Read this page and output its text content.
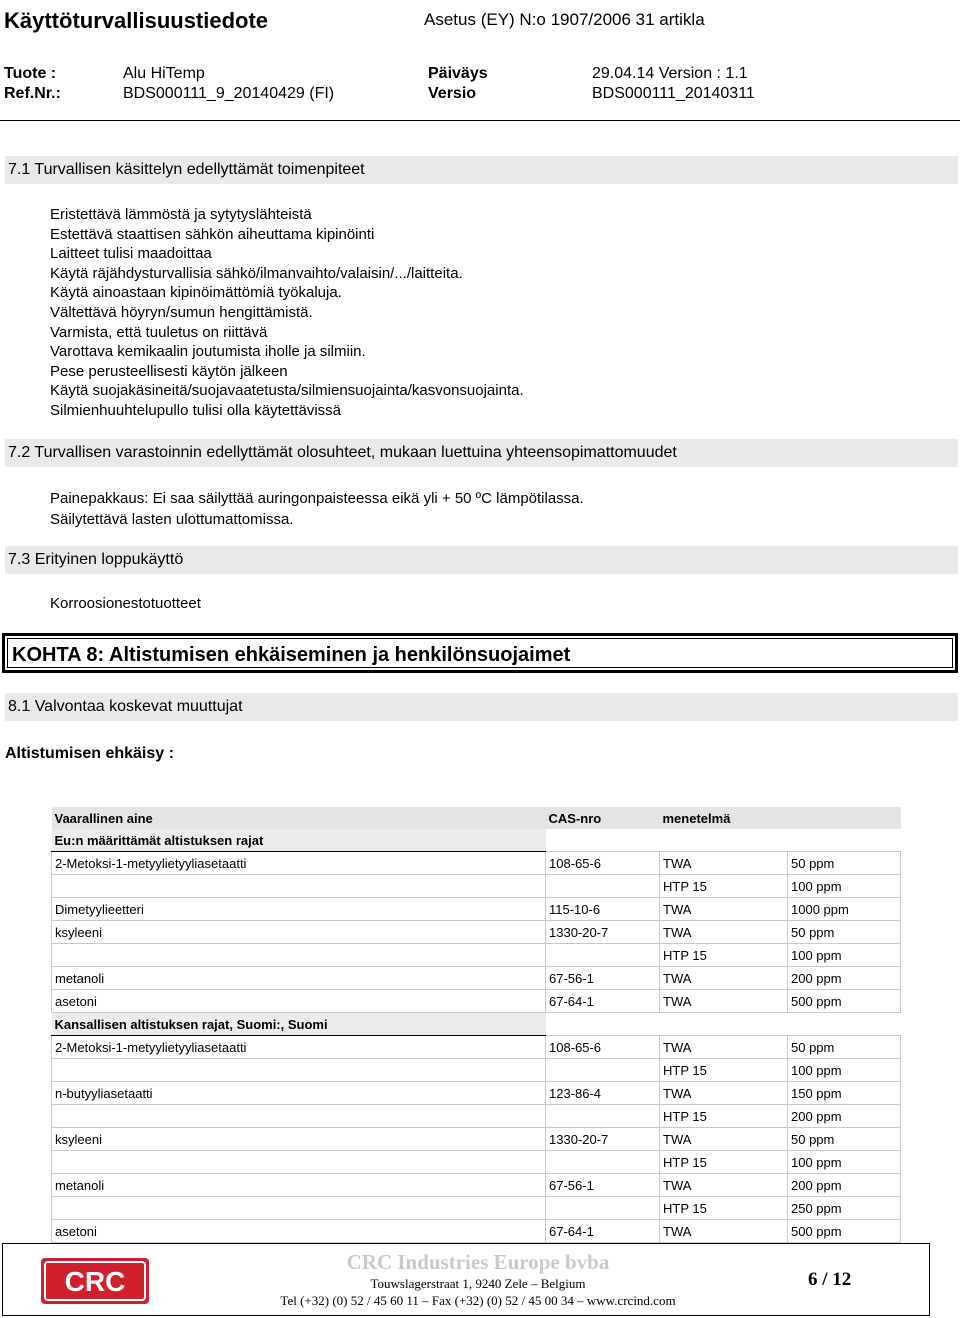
Käyttöturvallisuustiedote	Asetus (EY) N:o 1907/2006 31 artikla
Tuote :	Alu HiTemp	Päiväys	29.04.14 Version : 1.1
Ref.Nr.:	BDS000111_9_20140429 (FI)	Versio	BDS000111_20140311
7.1 Turvallisen käsittelyn edellyttämät toimenpiteet
Eristettävä lämmöstä ja sytytyslähteistä
Estettävä staattisen sähkön aiheuttama kipinöinti
Laitteet tulisi maadoittaa
Käytä räjähdysturvallisia sähkö/ilmanvaihto/valaisin/.../laitteita.
Käytä ainoastaan kipinöimättömiä työkaluja.
Vältettävä höyryn/sumun hengittämistä.
Varmista, että tuuletus on riittävä
Varottava kemikaalin joutumista iholle ja silmiin.
Pese perusteellisesti käytön jälkeen
Käytä suojakäsineitä/suojavaatetusta/silmiensuojainta/kasvonsuojainta.
Silmienhuuhtelupullo tulisi olla käytettävissä
7.2 Turvallisen varastoinnin edellyttämät olosuhteet, mukaan luettuina yhteensopimattomuudet
Painepakkaus: Ei saa säilyttää auringonpaisteessa eikä yli + 50 ºC lämpötilassa.
Säilytettävä lasten ulottumattomissa.
7.3 Erityinen loppukäyttö
Korroosionestotuotteet
KOHTA 8: Altistumisen ehkäiseminen ja henkilönsuojaimet
8.1 Valvontaa koskevat muuttujat
Altistumisen ehkäisy :
Vaarallinen aine	CAS-nro	menetelmä	
Eu:n määrittämät altistuksen rajat			
2-Metoksi-1-metyylietyyliasetaatti	108-65-6	TWA	50 ppm
		HTP 15	100 ppm
Dimetyylieetteri	115-10-6	TWA	1000 ppm
ksyleeni	1330-20-7	TWA	50 ppm
		HTP 15	100 ppm
metanoli	67-56-1	TWA	200 ppm
asetoni	67-64-1	TWA	500 ppm
Kansallisen altistuksen rajat, Suomi:, Suomi			
2-Metoksi-1-metyylietyyliasetaatti	108-65-6	TWA	50 ppm
		HTP 15	100 ppm
n-butyyliasetaatti	123-86-4	TWA	150 ppm
		HTP 15	200 ppm
ksyleeni	1330-20-7	TWA	50 ppm
		HTP 15	100 ppm
metanoli	67-56-1	TWA	200 ppm
		HTP 15	250 ppm
asetoni	67-64-1	TWA	500 ppm
CRC
CRC Industries Europe bvba
Touwslagerstraat 1, 9240 Zele – Belgium
Tel (+32) (0) 52 / 45 60 11 – Fax (+32) (0) 52 / 45 00 34 – www.crcind.com
6 / 12
